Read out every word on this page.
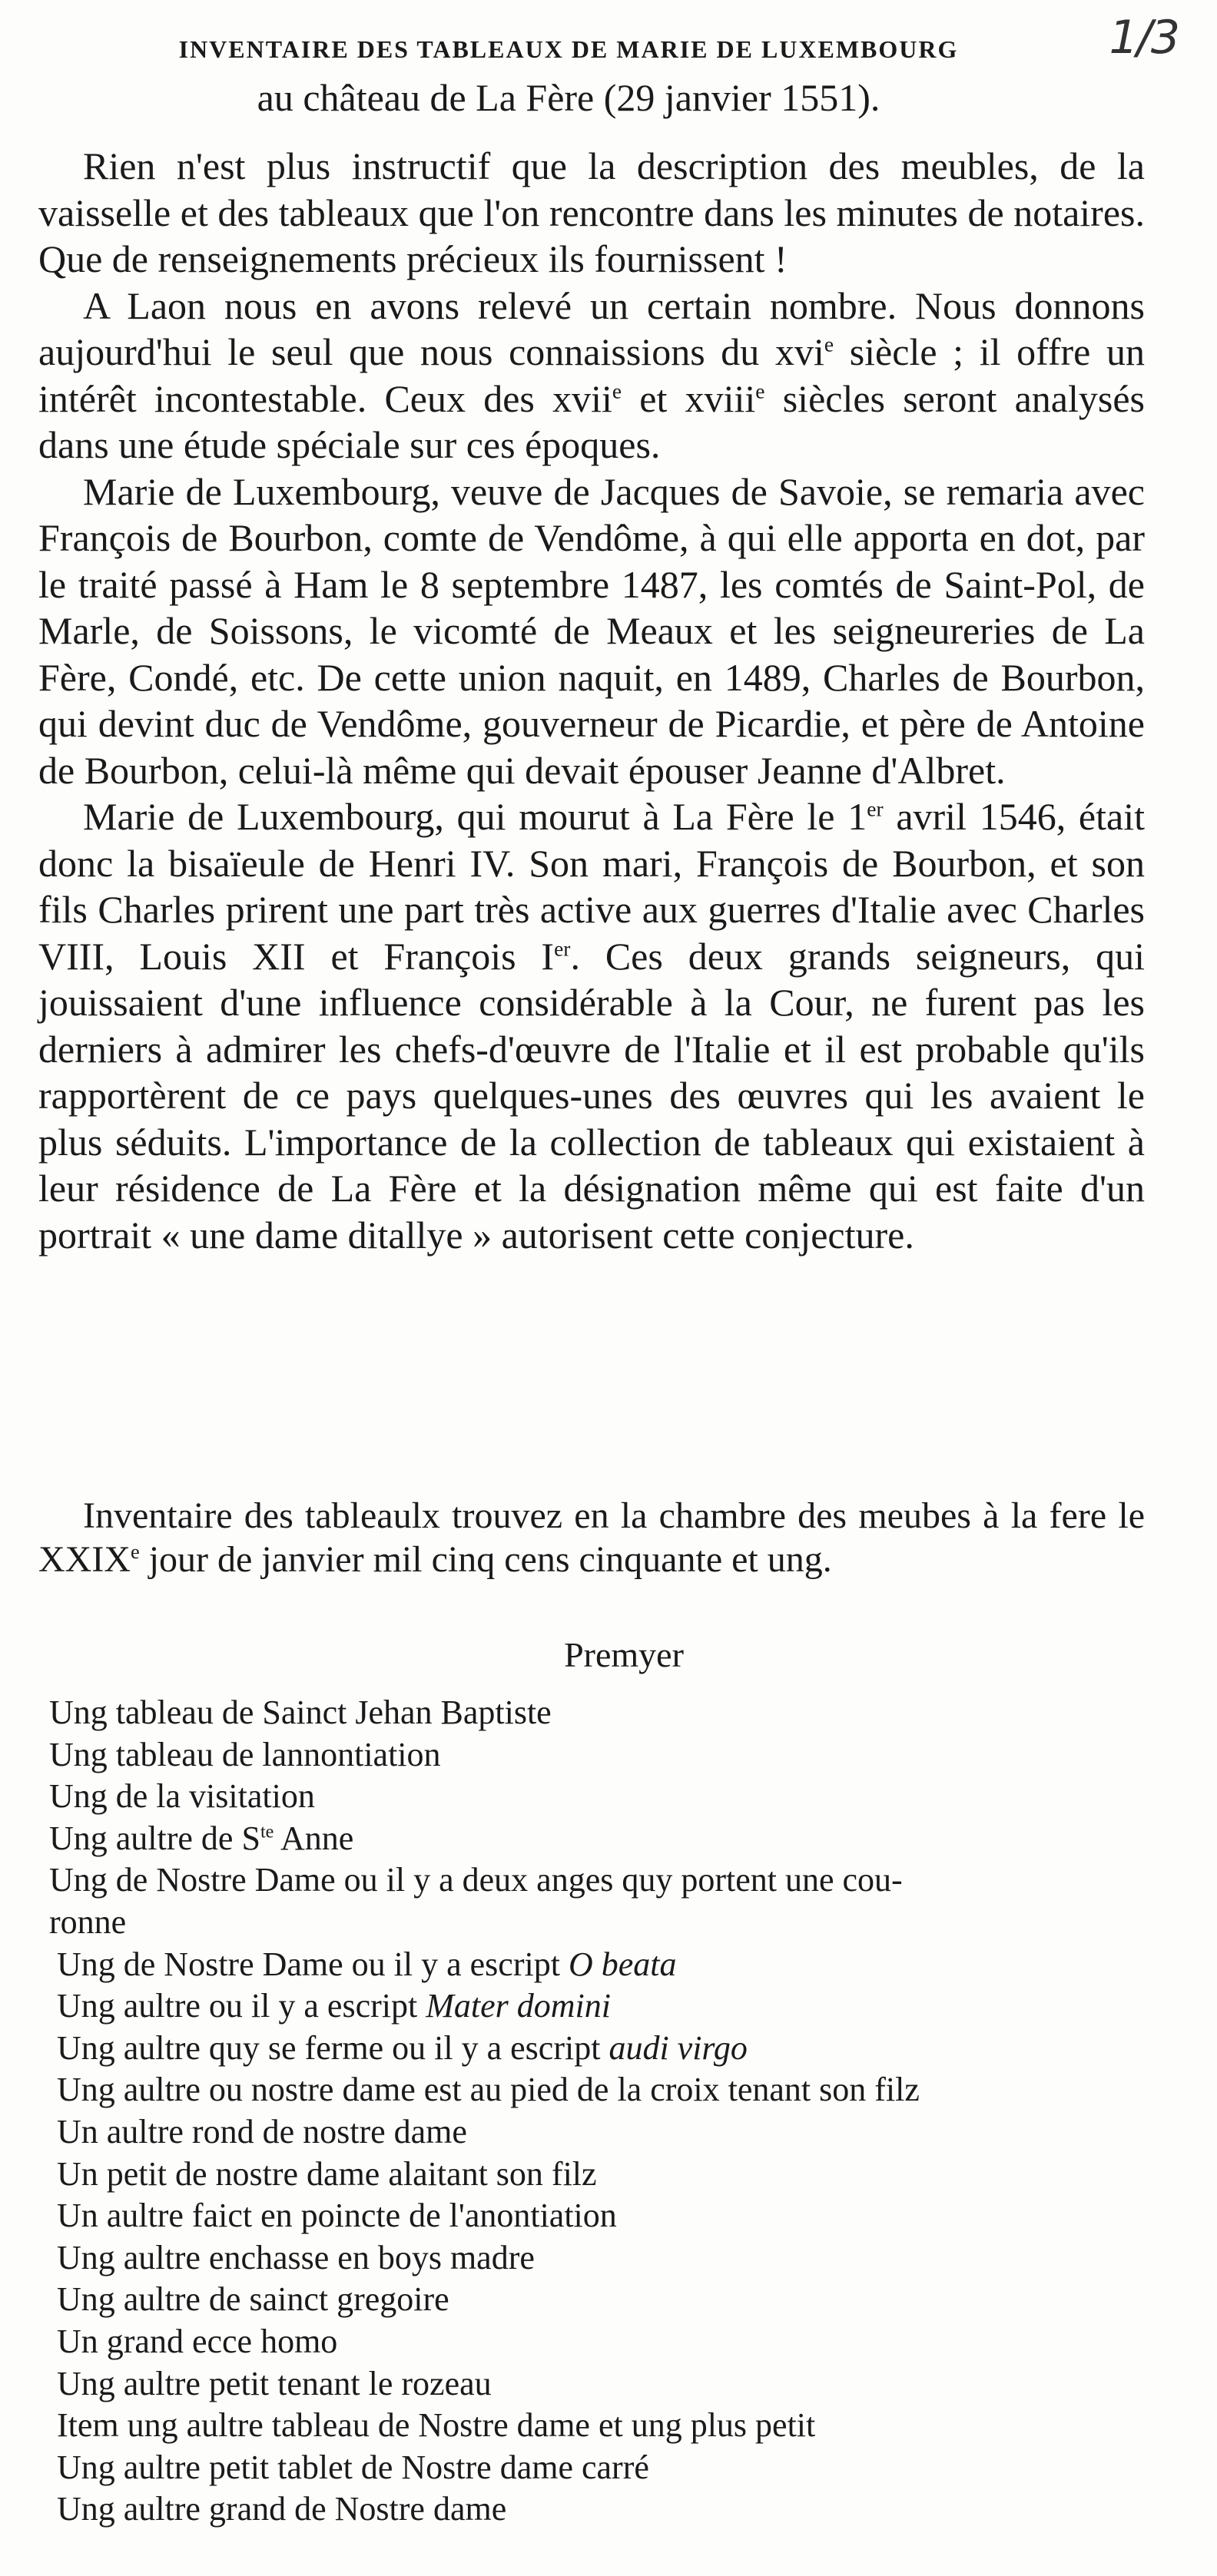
1/3
INVENTAIRE DES TABLEAUX DE MARIE DE LUXEMBOURG
au château de La Fère (29 janvier 1551).

Rien n'est plus instructif que la description des meubles, de la vaisselle et des tableaux que l'on rencontre dans les minutes de notaires. Que de renseignements précieux ils fournissent !

A Laon nous en avons relevé un certain nombre. Nous donnons aujourd'hui le seul que nous connaissions du xvi$^e$ siècle ; il offre un intérêt incontestable. Ceux des xvii$^e$ et xviii$^e$ siècles seront analysés dans une étude spéciale sur ces époques.

Marie de Luxembourg, veuve de Jacques de Savoie, se remaria avec François de Bourbon, comte de Vendôme, à qui elle apporta en dot, par le traité passé à Ham le 8 septembre 1487, les comtés de Saint-Pol, de Marle, de Soissons, le vicomté de Meaux et les seigneureries de La Fère, Condé, etc. De cette union naquit, en 1489, Charles de Bourbon, qui devint duc de Vendôme, gouverneur de Picardie, et père de Antoine de Bourbon, celui-là même qui devait épouser Jeanne d'Albret.

Marie de Luxembourg, qui mourut à La Fère le 1er avril 1546, était donc la bisaïeule de Henri IV. Son mari, François de Bourbon, et son fils Charles prirent une part très active aux guerres d'Italie avec Charles VIII, Louis XII et François Ier. Ces deux grands seigneurs, qui jouissaient d'une influence considérable à la Cour, ne furent pas les derniers à admirer les chefs-d'œuvre de l'Italie et il est probable qu'ils rapportèrent de ce pays quelques-unes des œuvres qui les avaient le plus séduits. L'importance de la collection de tableaux qui existaient à leur résidence de La Fère et la désignation même qui est faite d'un portrait « une dame ditallye » autorisent cette conjecture.

Inventaire des tableaulx trouvez en la chambre des meubes à la fere le XXIXe jour de janvier mil cinq cens cinquante et ung.

Premyer
Ung tableau de Sainct Jehan Baptiste
Ung tableau de lannontiation
Ung de la visitation
Ung aultre de $S^{te}$ Anne
Ung de Nostre Dame ou il y a deux anges quy portent une cou-
ronne
Ung de Nostre Dame ou il y a escript O beata
Ung aultre ou il y a escript Mater domini
Ung aultre quy se ferme ou il y a escript audi virgo
Ung aultre ou nostre dame est au pied de la croix tenant son filz
Un aultre rond de nostre dame
Un petit de nostre dame alaitant son filz
Un aultre faict en poincte de l'anontiation
Ung aultre enchasse en boys madre
Ung aultre de sainct gregoire
Un grand ecce homo
Ung aultre petit tenant le rozeau
Item ung aultre tableau de Nostre dame et ung plus petit
Ung aultre petit tablet de Nostre dame carré
Ung aultre grand de Nostre dame
